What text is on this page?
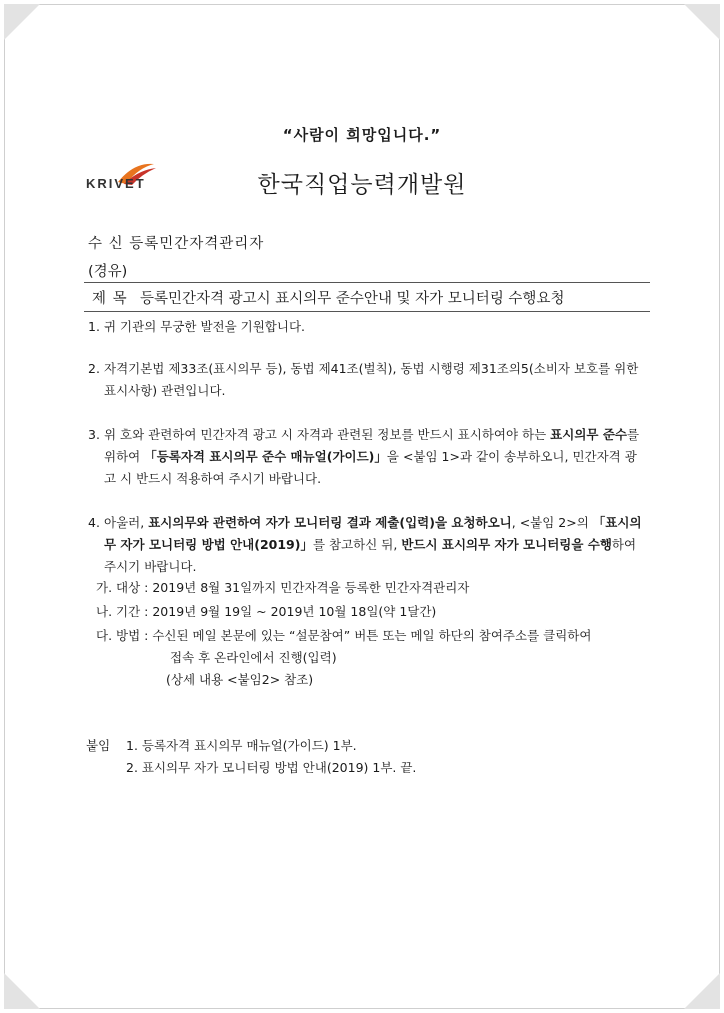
“사람이 희망입니다.”
KRIVET	한국직업능력개발원
수 신 등록민간자격관리자
(경유)
제 목 등록민간자격 광고시 표시의무 준수안내 및 자가 모니터링 수행요청
1. 귀 기관의 무궁한 발전을 기원합니다.
2. 자격기본법 제33조(표시의무 등), 동법 제41조(벌칙), 동법 시행령 제31조의5(소비자 보호를 위한 표시사항) 관련입니다.
3. 위 호와 관련하여 민간자격 광고 시 자격과 관련된 정보를 반드시 표시하여야 하는 표시의무 준수를 위하여 「등록자격 표시의무 준수 매뉴얼(가이드)」을 <붙임 1>과 같이 송부하오니, 민간자격 광고 시 반드시 적용하여 주시기 바랍니다.
4. 아울러, 표시의무와 관련하여 자가 모니터링 결과 제출(입력)을 요청하오니, <붙임 2>의 「표시의무 자가 모니터링 방법 안내(2019)」를 참고하신 뒤, 반드시 표시의무 자가 모니터링을 수행하여 주시기 바랍니다.
가. 대상 : 2019년 8월 31일까지 민간자격을 등록한 민간자격관리자
나. 기간 : 2019년 9월 19일 ~ 2019년 10월 18일(약 1달간)
다. 방법 : 수신된 메일 본문에 있는 “설문참여” 버튼 또는 메일 하단의 참여주소를 클릭하여
접속 후 온라인에서 진행(입력)
(상세 내용 <붙임2> 참조)
붙임 1. 등록자격 표시의무 매뉴얼(가이드) 1부.
2. 표시의무 자가 모니터링 방법 안내(2019) 1부. 끝.
